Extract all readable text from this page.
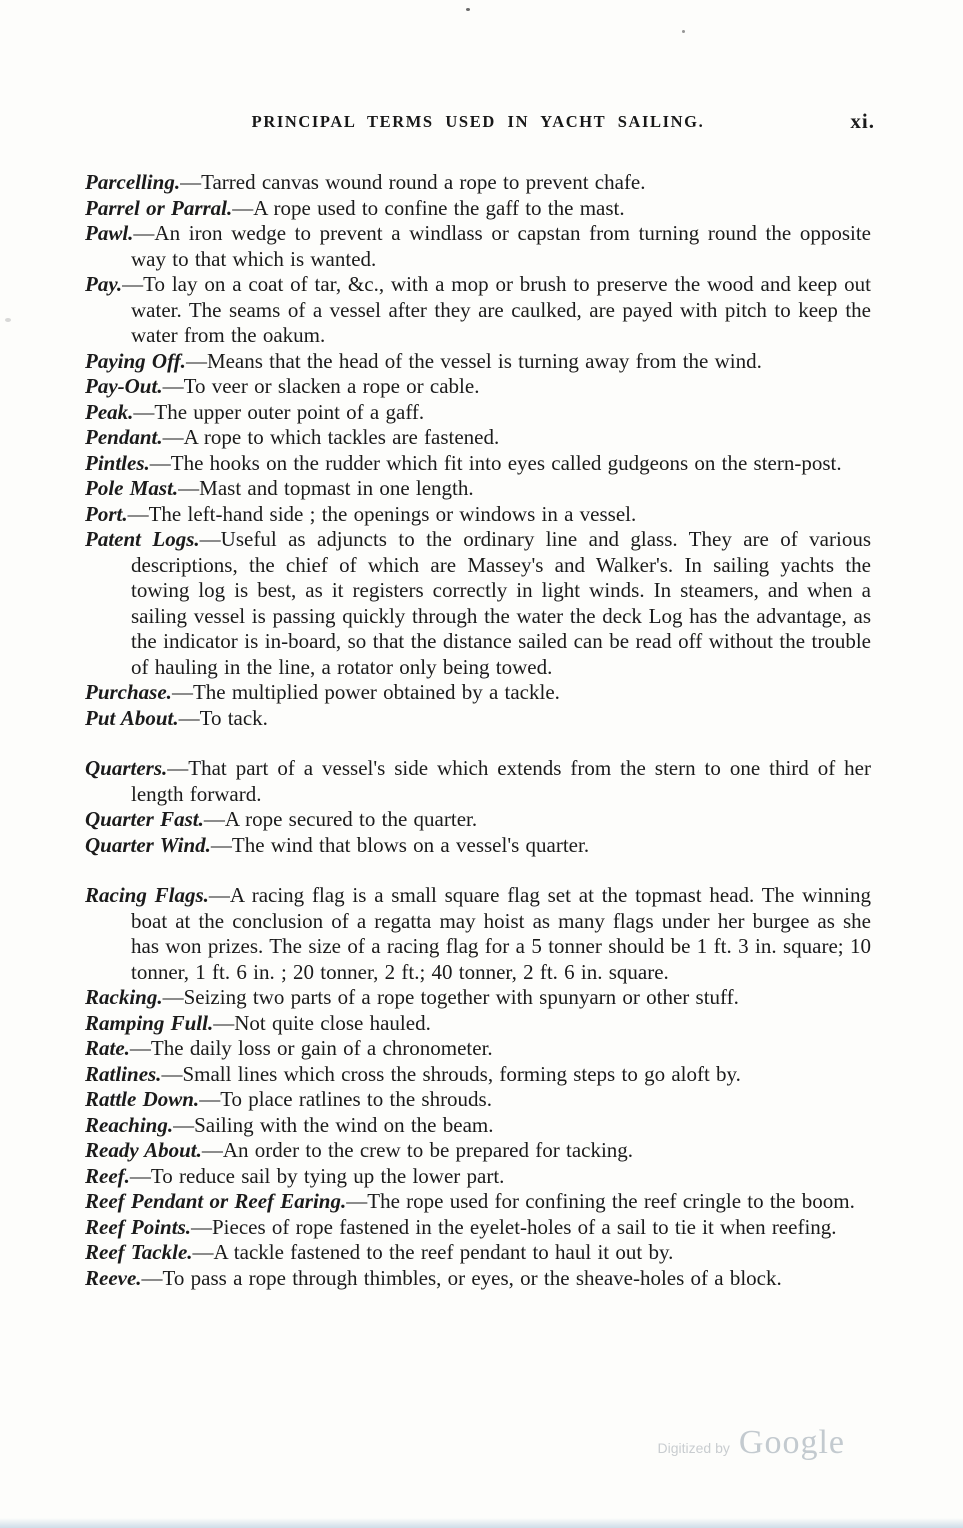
PRINCIPAL TERMS USED IN YACHT SAILING.	xi.

Parcelling.—Tarred canvas wound round a rope to prevent chafe.

Parrel or Parral.—A rope used to confine the gaff to the mast.

Pawl.—An iron wedge to prevent a windlass or capstan from turning round the opposite way to that which is wanted.

Pay.—To lay on a coat of tar, &c., with a mop or brush to preserve the wood and keep out water. The seams of a vessel after they are caulked, are payed with pitch to keep the water from the oakum.

Paying Off.—Means that the head of the vessel is turning away from the wind.

Pay-Out.—To veer or slacken a rope or cable.

Peak.—The upper outer point of a gaff.

Pendant.—A rope to which tackles are fastened.

Pintles.—The hooks on the rudder which fit into eyes called gudgeons on the stern-post.

Pole Mast.—Mast and topmast in one length.

Port.—The left-hand side ; the openings or windows in a vessel.

Patent Logs.—Useful as adjuncts to the ordinary line and glass. They are of various descriptions, the chief of which are Massey's and Walker's. In sailing yachts the towing log is best, as it registers correctly in light winds. In steamers, and when a sailing vessel is passing quickly through the water the deck Log has the advantage, as the indicator is in-board, so that the distance sailed can be read off without the trouble of hauling in the line, a rotator only being towed.

Purchase.—The multiplied power obtained by a tackle.

Put About.—To tack.

Quarters.—That part of a vessel's side which extends from the stern to one third of her length forward.

Quarter Fast.—A rope secured to the quarter.

Quarter Wind.—The wind that blows on a vessel's quarter.

Racing Flags.—A racing flag is a small square flag set at the topmast head. The winning boat at the conclusion of a regatta may hoist as many flags under her burgee as she has won prizes. The size of a racing flag for a 5 tonner should be 1 ft. 3 in. square; 10 tonner, 1 ft. 6 in. ; 20 tonner, 2 ft.; 40 tonner, 2 ft. 6 in. square.

Racking.—Seizing two parts of a rope together with spunyarn or other stuff.

Ramping Full.—Not quite close hauled.

Rate.—The daily loss or gain of a chronometer.

Ratlines.—Small lines which cross the shrouds, forming steps to go aloft by.

Rattle Down.—To place ratlines to the shrouds.

Reaching.—Sailing with the wind on the beam.

Ready About.—An order to the crew to be prepared for tacking.

Reef.—To reduce sail by tying up the lower part.

Reef Pendant or Reef Earing.—The rope used for confining the reef cringle to the boom.

Reef Points.—Pieces of rope fastened in the eyelet-holes of a sail to tie it when reefing.

Reef Tackle.—A tackle fastened to the reef pendant to haul it out by.

Reeve.—To pass a rope through thimbles, or eyes, or the sheave-holes of a block.

Digitized by Google
